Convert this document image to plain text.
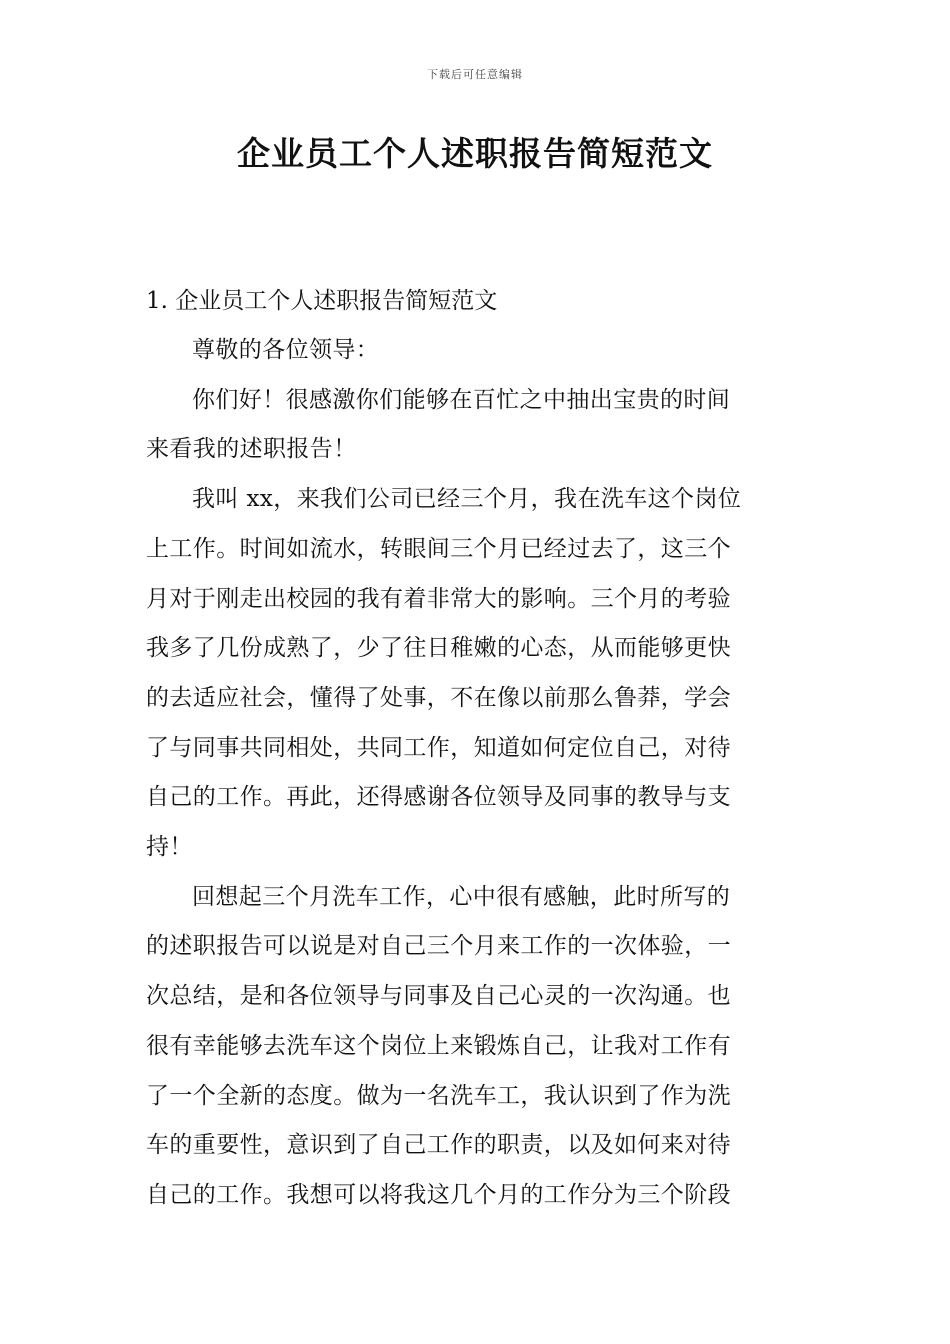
下载后可任意编辑
企业员工个人述职报告简短范文

1. 企业员工个人述职报告简短范文

尊敬的各位领导：

你们好！很感激你们能够在百忙之中抽出宝贵的时间
来看我的述职报告！

我叫 xx，来我们公司已经三个月，我在洗车这个岗位
上工作。时间如流水，转眼间三个月已经过去了，这三个
月对于刚走出校园的我有着非常大的影响。三个月的考验
我多了几份成熟了，少了往日稚嫩的心态，从而能够更快
的去适应社会，懂得了处事，不在像以前那么鲁莽，学会
了与同事共同相处，共同工作，知道如何定位自己，对待
自己的工作。再此，还得感谢各位领导及同事的教导与支
持！

回想起三个月洗车工作，心中很有感触，此时所写的
的述职报告可以说是对自己三个月来工作的一次体验，一
次总结，是和各位领导与同事及自己心灵的一次沟通。也
很有幸能够去洗车这个岗位上来锻炼自己，让我对工作有
了一个全新的态度。做为一名洗车工，我认识到了作为洗
车的重要性，意识到了自己工作的职责，以及如何来对待
自己的工作。我想可以将我这几个月的工作分为三个阶段
